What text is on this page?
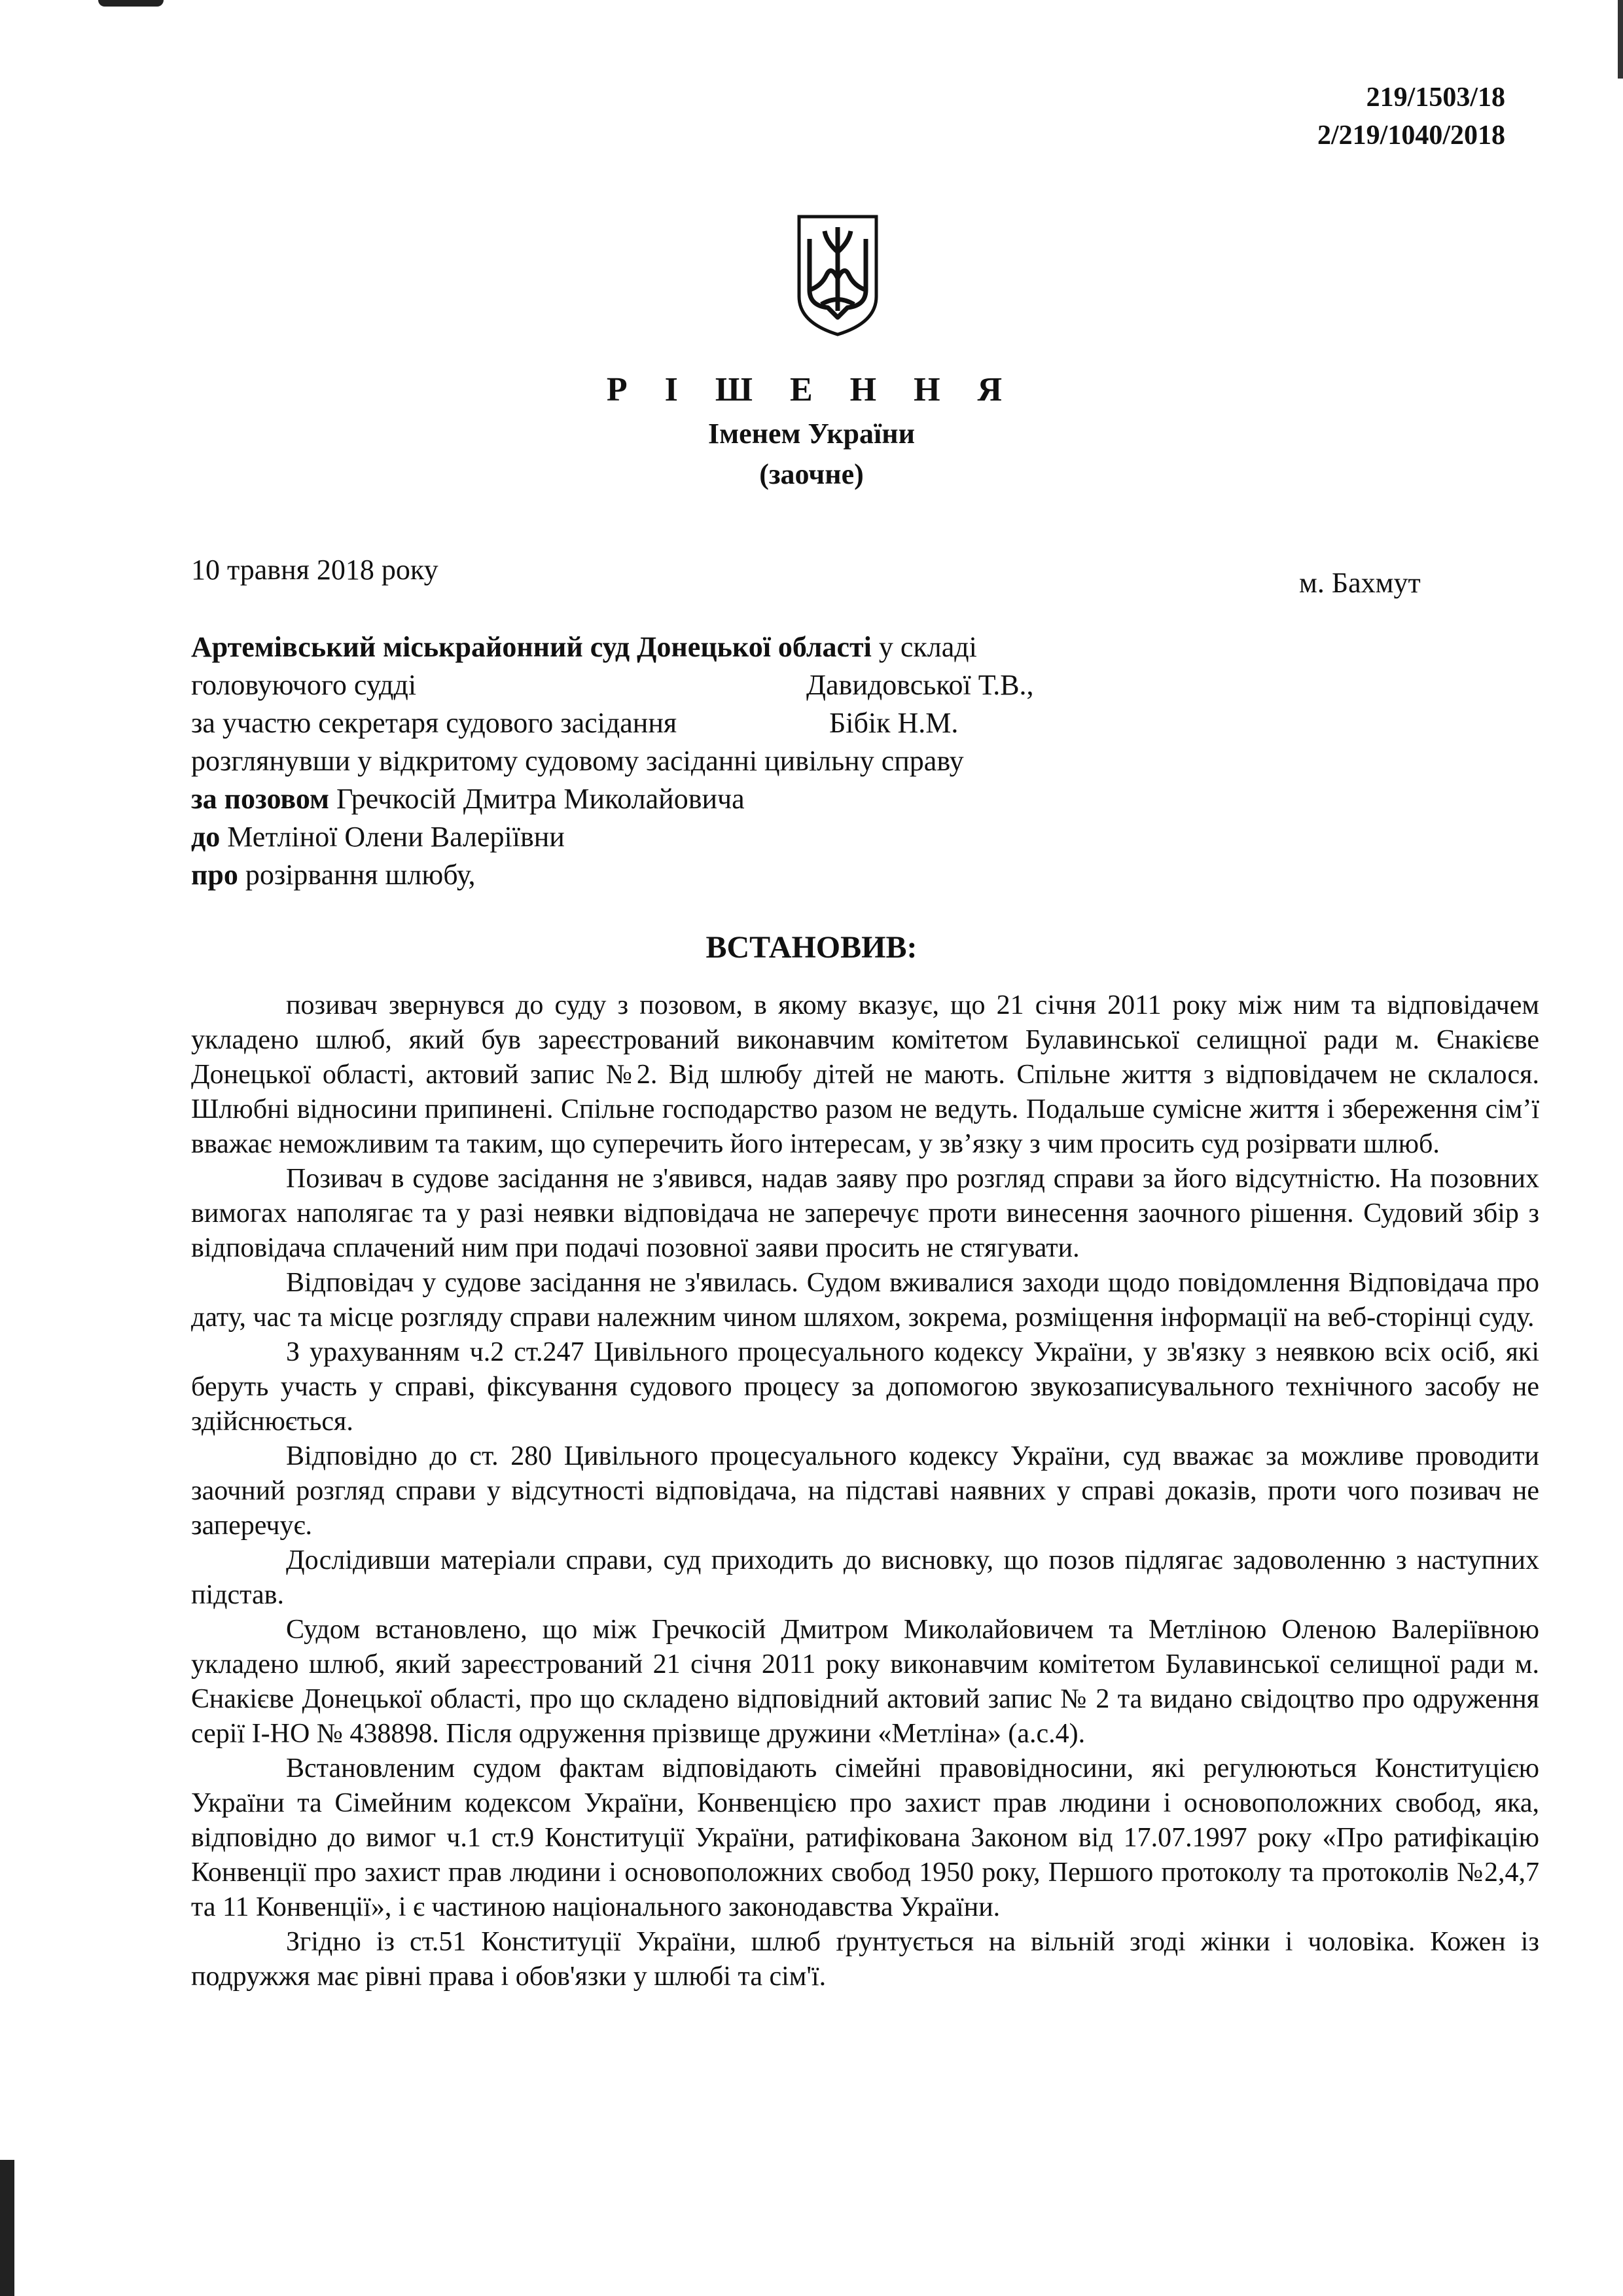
219/1503/18
2/219/1040/2018
Р І Ш Е Н Н Я
Іменем України
(заочне)
10 травня 2018 року	м. Бахмут
Артемівський міськрайонний суд Донецької області у складі
головуючого судді	Давидовської Т.В.,
за участю секретаря судового засідання	Бібік Н.М.
розглянувши у відкритому судовому засіданні цивільну справу
за позовом Гречкосій Дмитра Миколайовича
до Метліної Олени Валеріївни
про розірвання шлюбу,
ВСТАНОВИВ:

позивач звернувся до суду з позовом, в якому вказує, що 21 січня 2011 року між ним та відповідачем укладено шлюб, який був зареєстрований виконавчим комітетом Булавинської селищної ради м. Єнакієве Донецької області, актовий запис №2. Від шлюбу дітей не мають. Спільне життя з відповідачем не склалося. Шлюбні відносини припинені. Спільне господарство разом не ведуть. Подальше сумісне життя і збереження сім’ї вважає неможливим та таким, що суперечить його інтересам, у зв’язку з чим просить суд розірвати шлюб.

Позивач в судове засідання не з'явився, надав заяву про розгляд справи за його відсутністю. На позовних вимогах наполягає та у разі неявки відповідача не заперечує проти винесення заочного рішення. Судовий збір з відповідача сплачений ним при подачі позовної заяви просить не стягувати.

Відповідач у судове засідання не з'явилась. Судом вживалися заходи щодо повідомлення Відповідача про дату, час та місце розгляду справи належним чином шляхом, зокрема, розміщення інформації на веб-сторінці суду.

З урахуванням ч.2 ст.247 Цивільного процесуального кодексу України, у зв'язку з неявкою всіх осіб, які беруть участь у справі, фіксування судового процесу за допомогою звукозаписувального технічного засобу не здійснюється.

Відповідно до ст. 280 Цивільного процесуального кодексу України, суд вважає за можливе проводити заочний розгляд справи у відсутності відповідача, на підставі наявних у справі доказів, проти чого позивач не заперечує.

Дослідивши матеріали справи, суд приходить до висновку, що позов підлягає задоволенню з наступних підстав.

Судом встановлено, що між Гречкосій Дмитром Миколайовичем та Метліною Оленою Валеріївною укладено шлюб, який зареєстрований 21 січня 2011 року виконавчим комітетом Булавинської селищної ради м. Єнакієве Донецької області, про що складено відповідний актовий запис № 2 та видано свідоцтво про одруження серії І-НО № 438898. Після одруження прізвище дружини «Метліна» (а.с.4).

Встановленим судом фактам відповідають сімейні правовідносини, які регулюються Конституцією України та Сімейним кодексом України, Конвенцією про захист прав людини і основоположних свобод, яка, відповідно до вимог ч.1 ст.9 Конституції України, ратифікована Законом від 17.07.1997 року «Про ратифікацію Конвенції про захист прав людини і основоположних свобод 1950 року, Першого протоколу та протоколів №2,4,7 та 11 Конвенції», і є частиною національного законодавства України.

Згідно із ст.51 Конституції України, шлюб ґрунтується на вільній згоді жінки і чоловіка. Кожен із подружжя має рівні права і обов'язки у шлюбі та сім'ї.
